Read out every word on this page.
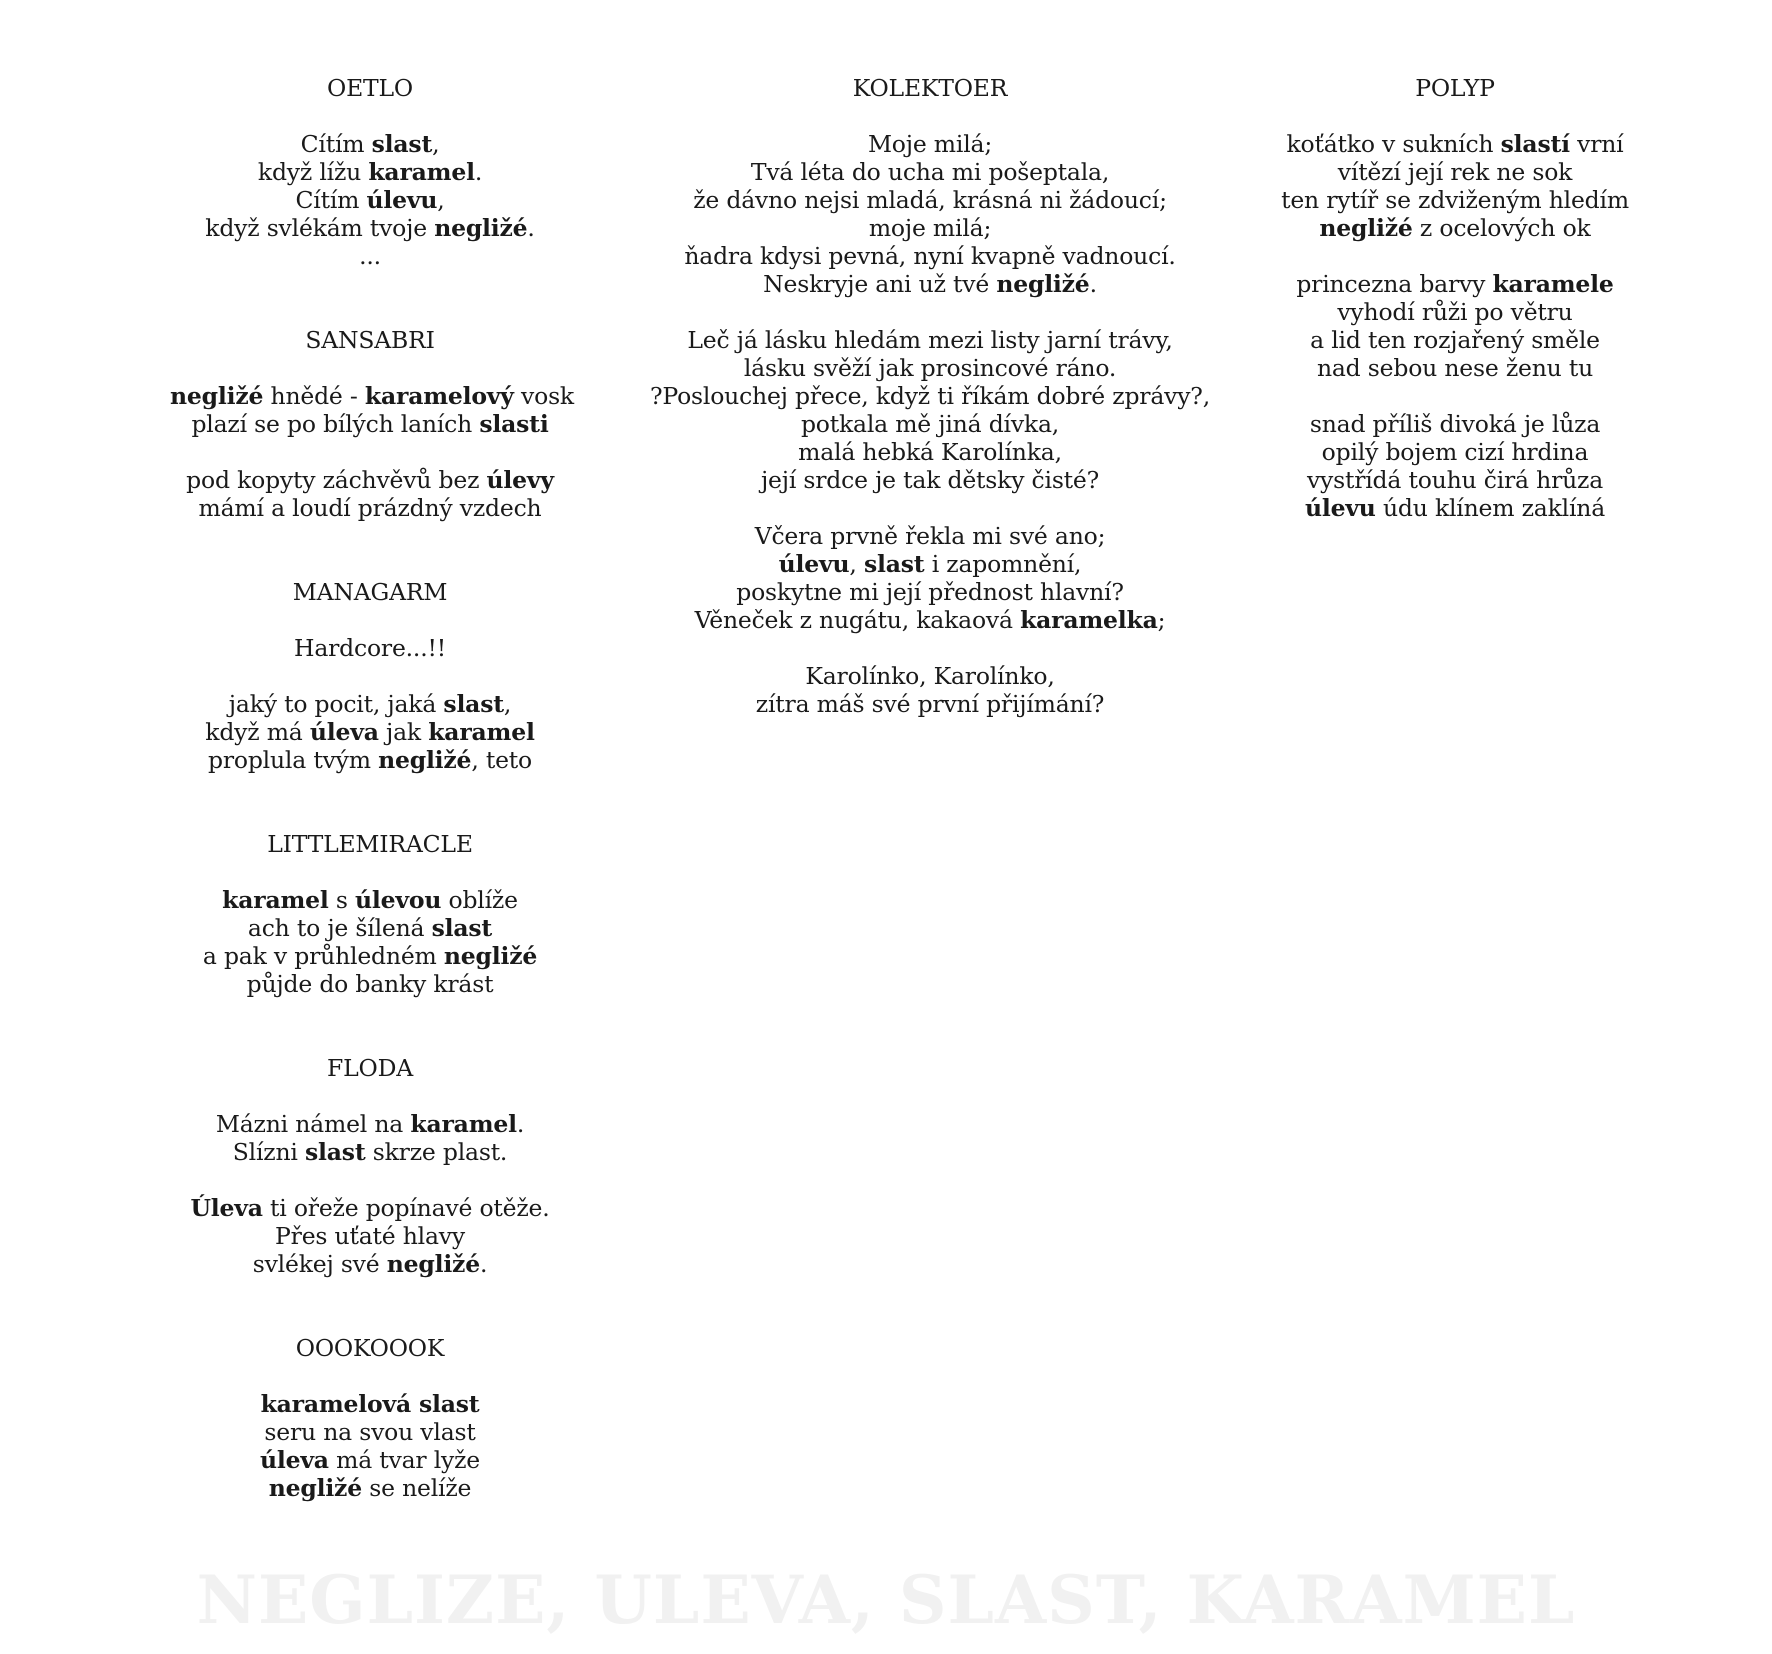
OETLO
Cítím slast,
když lížu karamel.
Cítím úlevu,
když svlékám tvoje negližé.
...
SANSABRI
negližé hnědé - karamelový vosk
plazí se po bílých laních slasti
pod kopyty záchvěvů bez úlevy
mámí a loudí prázdný vzdech
MANAGARM
Hardcore...!!
jaký to pocit, jaká slast,
když má úleva jak karamel
proplula tvým negližé, teto
LITTLEMIRACLE
karamel s úlevou oblíže
ach to je šílená slast
a pak v průhledném negližé
půjde do banky krást
FLODA
Mázni námel na karamel.
Slízni slast skrze plast.
Úleva ti ořeže popínavé otěže.
Přes uťaté hlavy
svlékej své negližé.
OOOKOOOK
karamelová slast
seru na svou vlast
úleva má tvar lyže
negližé se nelíže
KOLEKTOER
Moje milá;
Tvá léta do ucha mi pošeptala,
že dávno nejsi mladá, krásná ni žádoucí;
moje milá;
ňadra kdysi pevná, nyní kvapně vadnoucí.
Neskryje ani už tvé negližé.
Leč já lásku hledám mezi listy jarní trávy,
lásku svěží jak prosincové ráno.
?Poslouchej přece, když ti říkám dobré zprávy?,
potkala mě jiná dívka,
malá hebká Karolínka,
její srdce je tak dětsky čisté?
Včera prvně řekla mi své ano;
úlevu, slast i zapomnění,
poskytne mi její přednost hlavní?
Věneček z nugátu, kakaová karamelka;
Karolínko, Karolínko,
zítra máš své první přijímání?
POLYP
koťátko v sukních slastí vrní
vítězí její rek ne sok
ten rytíř se zdviženým hledím
negližé z ocelových ok
princezna barvy karamele
vyhodí růži po větru
a lid ten rozjařený směle
nad sebou nese ženu tu
snad příliš divoká je lůza
opilý bojem cizí hrdina
vystřídá touhu čirá hrůza
úlevu údu klínem zaklíná
NEGLIZE, ULEVA, SLAST, KARAMEL
